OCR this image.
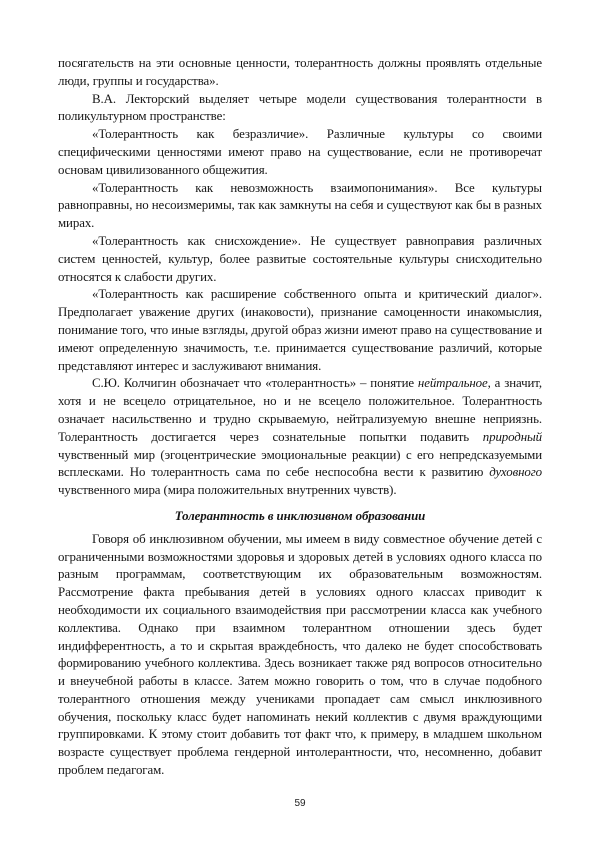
посягательств на эти основные ценности, толерантность должны проявлять отдельные люди, группы и государства».

В.А. Лекторский выделяет четыре модели существования толерантности в поликультурном пространстве:

«Толерантность как безразличие». Различные культуры со своими специфическими ценностями имеют право на существование, если не противоречат основам цивилизованного общежития.

«Толерантность как невозможность взаимопонимания». Все культуры равноправны, но несоизмеримы, так как замкнуты на себя и существуют как бы в разных мирах.

«Толерантность как снисхождение». Не существует равноправия различных систем ценностей, культур, более развитые состоятельные культуры снисходительно относятся к слабости других.

«Толерантность как расширение собственного опыта и критический диалог». Предполагает уважение других (инаковости), признание самоценности инакомыслия, понимание того, что иные взгляды, другой образ жизни имеют право на существование и имеют определенную значимость, т.е. принимается существование различий, которые представляют интерес и заслуживают внимания.

С.Ю. Колчигин обозначает что «толерантность» – понятие нейтральное, а значит, хотя и не всецело отрицательное, но и не всецело положительное. Толерантность означает насильственно и трудно скрываемую, нейтрализуемую внешне неприязнь. Толерантность достигается через сознательные попытки подавить природный чувственный мир (эгоцентрические эмоциональные реакции) с его непредсказуемыми всплесками. Но толерантность сама по себе неспособна вести к развитию духовного чувственного мира (мира положительных внутренних чувств).

Толерантность в инклюзивном образовании

Говоря об инклюзивном обучении, мы имеем в виду совместное обучение детей с ограниченными возможностями здоровья и здоровых детей в условиях одного класса по разным программам, соответствующим их образовательным возможностям. Рассмотрение факта пребывания детей в условиях одного классах приводит к необходимости их социального взаимодействия при рассмотрении класса как учебного коллектива. Однако при взаимном толерантном отношении здесь будет индифферентность, а то и скрытая враждебность, что далеко не будет способствовать формированию учебного коллектива. Здесь возникает также ряд вопросов относительно и внеучебной работы в классе. Затем можно говорить о том, что в случае подобного толерантного отношения между учениками пропадает сам смысл инклюзивного обучения, поскольку класс будет напоминать некий коллектив с двумя враждующими группировками. К этому стоит добавить тот факт что, к примеру, в младшем школьном возрасте существует проблема гендерной интолерантности, что, несомненно, добавит проблем педагогам.

59
